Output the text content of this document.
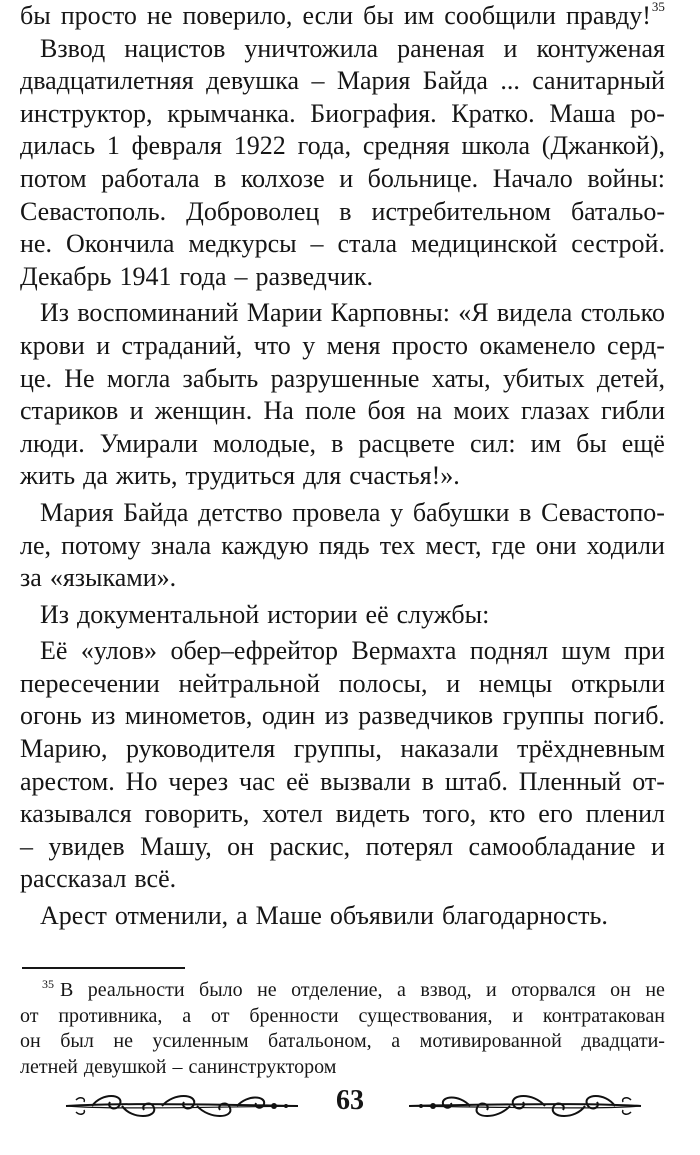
бы просто не поверило, если бы им сообщили правду!$^{35}$
Взвод нацистов уничтожила раненая и контуженая
двадцатилетняя девушка – Мария Байда ... санитарный
инструктор, крымчанка. Биография. Кратко. Маша ро-
дилась 1 февраля 1922 года, средняя школа (Джанкой),
потом работала в колхозе и больнице. Начало войны:
Севастополь. Доброволец в истребительном батальо-
не. Окончила медкурсы – стала медицинской сестрой.
Декабрь 1941 года – разведчик.
Из воспоминаний Марии Карповны: «Я видела столько
крови и страданий, что у меня просто окаменело серд-
це. Не могла забыть разрушенные хаты, убитых детей,
стариков и женщин. На поле боя на моих глазах гибли
люди. Умирали молодые, в расцвете сил: им бы ещё
жить да жить, трудиться для счастья!».
Мария Байда детство провела у бабушки в Севастопо-
ле, потому знала каждую пядь тех мест, где они ходили
за «языками».
Из документальной истории её службы:
Её «улов» обер–ефрейтор Вермахта поднял шум при
пересечении нейтральной полосы, и немцы открыли
огонь из минометов, один из разведчиков группы погиб.
Марию, руководителя группы, наказали трёхдневным
арестом. Но через час её вызвали в штаб. Пленный от-
казывался говорить, хотел видеть того, кто его пленил
– увидев Машу, он раскис, потерял самообладание и
рассказал всё.
Арест отменили, а Маше объявили благодарность.
$^{35}$ В реальности было не отделение, а взвод, и оторвался он не
от противника, а от бренности существования, и контратакован
он был не усиленным батальоном, а мотивированной двадцати-
летней девушкой – санинструктором
63
